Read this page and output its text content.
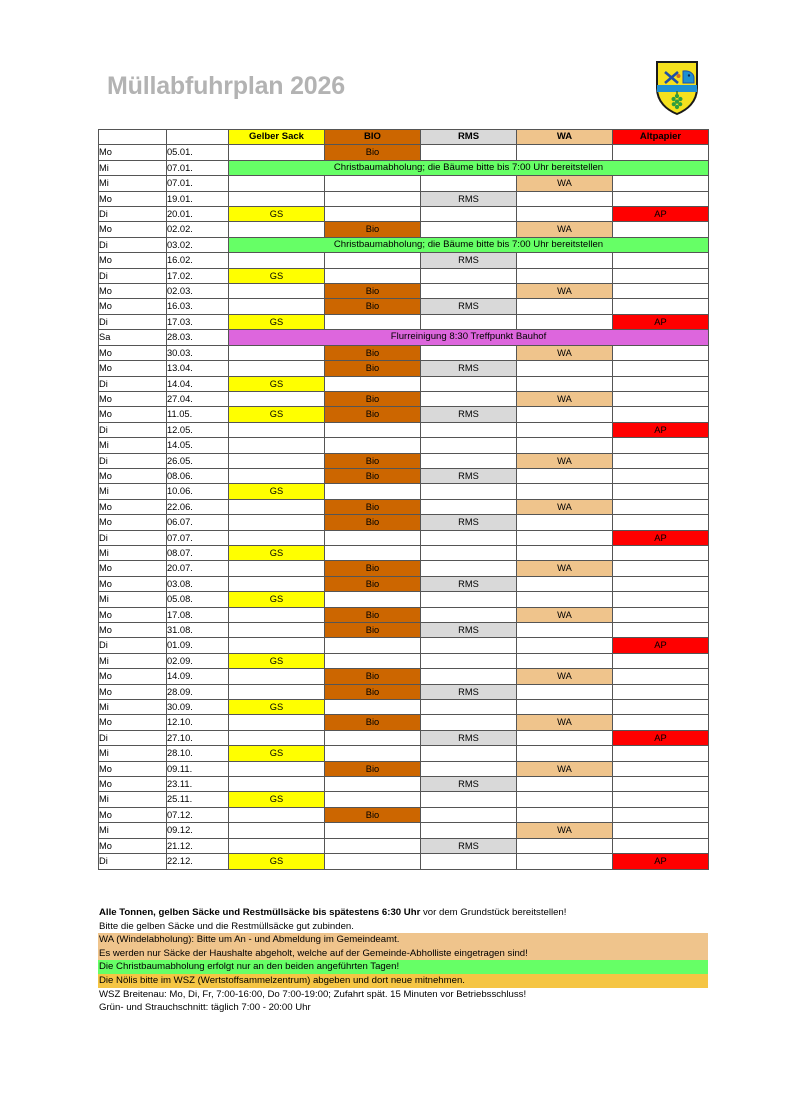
Müllabfuhrplan 2026
		Gelber Sack	BIO	RMS	WA	Altpapier
Mo	05.01.		Bio			
Mi	07.01.	Christbaumabholung; die Bäume bitte bis 7:00 Uhr bereitstellen				
Mi	07.01.				WA	
Mo	19.01.			RMS		
Di	20.01.	GS				AP
Mo	02.02.		Bio		WA	
Di	03.02.	Christbaumabholung; die Bäume bitte bis 7:00 Uhr bereitstellen				
Mo	16.02.			RMS		
Di	17.02.	GS				
Mo	02.03.		Bio		WA	
Mo	16.03.		Bio	RMS		
Di	17.03.	GS				AP
Sa	28.03.	Flurreinigung 8:30 Treffpunkt Bauhof				
Mo	30.03.		Bio		WA	
Mo	13.04.		Bio	RMS		
Di	14.04.	GS				
Mo	27.04.		Bio		WA	
Mo	11.05.	GS	Bio	RMS		
Di	12.05.					AP
Mi	14.05.					
Di	26.05.		Bio		WA	
Mo	08.06.		Bio	RMS		
Mi	10.06.	GS				
Mo	22.06.		Bio		WA	
Mo	06.07.		Bio	RMS		
Di	07.07.					AP
Mi	08.07.	GS				
Mo	20.07.		Bio		WA	
Mo	03.08.		Bio	RMS		
Mi	05.08.	GS				
Mo	17.08.		Bio		WA	
Mo	31.08.		Bio	RMS		
Di	01.09.					AP
Mi	02.09.	GS				
Mo	14.09.		Bio		WA	
Mo	28.09.		Bio	RMS		
Mi	30.09.	GS				
Mo	12.10.		Bio		WA	
Di	27.10.			RMS		AP
Mi	28.10.	GS				
Mo	09.11.		Bio		WA	
Mo	23.11.			RMS		
Mi	25.11.	GS				
Mo	07.12.		Bio			
Mi	09.12.				WA	
Mo	21.12.			RMS		
Di	22.12.	GS				AP
Alle Tonnen, gelben Säcke und Restmüllsäcke bis spätestens 6:30 Uhr vor dem Grundstück bereitstellen!
Bitte die gelben Säcke und die Restmüllsäcke gut zubinden.
WA (Windelabholung): Bitte um An - und Abmeldung im Gemeindeamt.
Es werden nur Säcke der Haushalte abgeholt, welche auf der Gemeinde-Abholliste eingetragen sind!
Die Christbaumabholung erfolgt nur an den beiden angeführten Tagen!
Die Nölis bitte im WSZ (Wertstoffsammelzentrum) abgeben und dort neue mitnehmen.
WSZ Breitenau: Mo, Di, Fr, 7:00-16:00, Do 7:00-19:00; Zufahrt spät. 15 Minuten vor Betriebsschluss!
Grün- und Strauchschnitt: täglich 7:00 - 20:00 Uhr
